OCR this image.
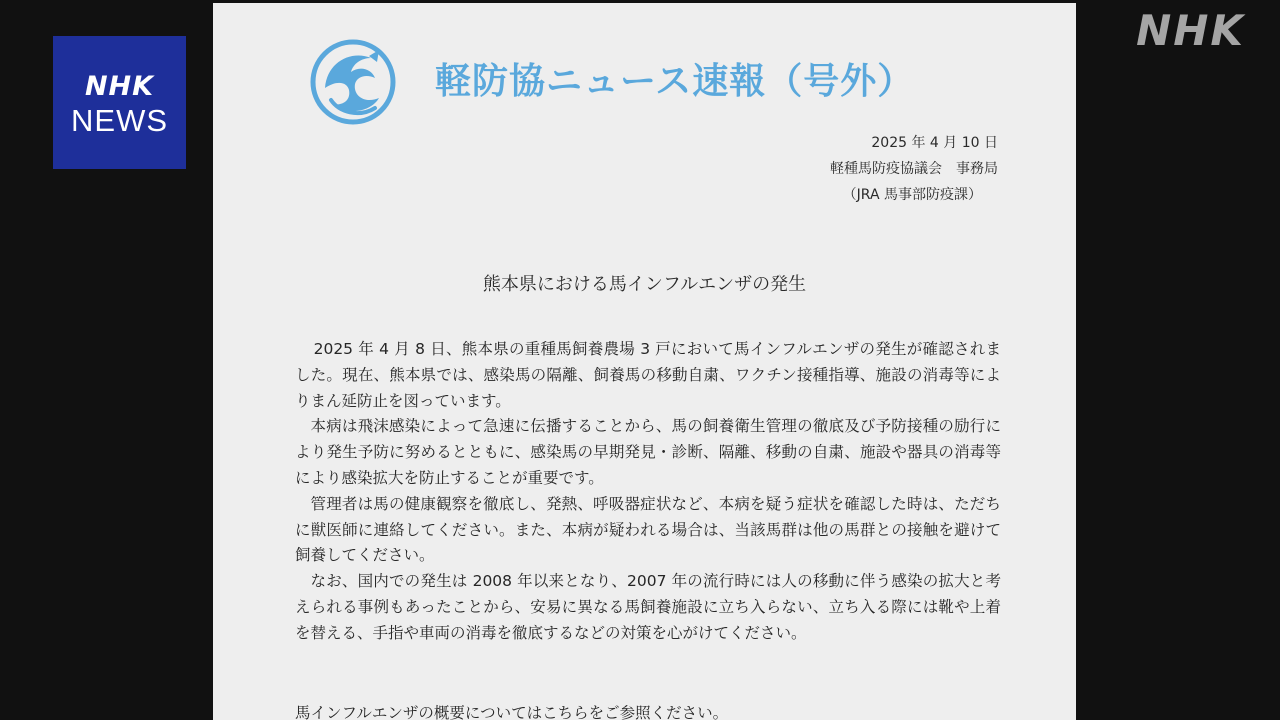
NHK
NEWS
NHK
軽防協ニュース速報（号外）
2025 年 4 月 10 日
軽種馬防疫協議会　事務局
（JRA 馬事部防疫課）
熊本県における馬インフルエンザの発生

2025 年 4 月 8 日、熊本県の重種馬飼養農場 3 戸において馬インフルエンザの発生が確認されました。現在、熊本県では、感染馬の隔離、飼養馬の移動自粛、ワクチン接種指導、施設の消毒等によりまん延防止を図っています。

本病は飛沫感染によって急速に伝播することから、馬の飼養衛生管理の徹底及び予防接種の励行により発生予防に努めるとともに、感染馬の早期発見・診断、隔離、移動の自粛、施設や器具の消毒等により感染拡大を防止することが重要です。

管理者は馬の健康観察を徹底し、発熱、呼吸器症状など、本病を疑う症状を確認した時は、ただちに獣医師に連絡してください。また、本病が疑われる場合は、当該馬群は他の馬群との接触を避けて飼養してください。

なお、国内での発生は 2008 年以来となり、2007 年の流行時には人の移動に伴う感染の拡大と考えられる事例もあったことから、安易に異なる馬飼養施設に立ち入らない、立ち入る際には靴や上着を替える、手指や車両の消毒を徹底するなどの対策を心がけてください。

馬インフルエンザの概要についてはこちらをご参照ください。
